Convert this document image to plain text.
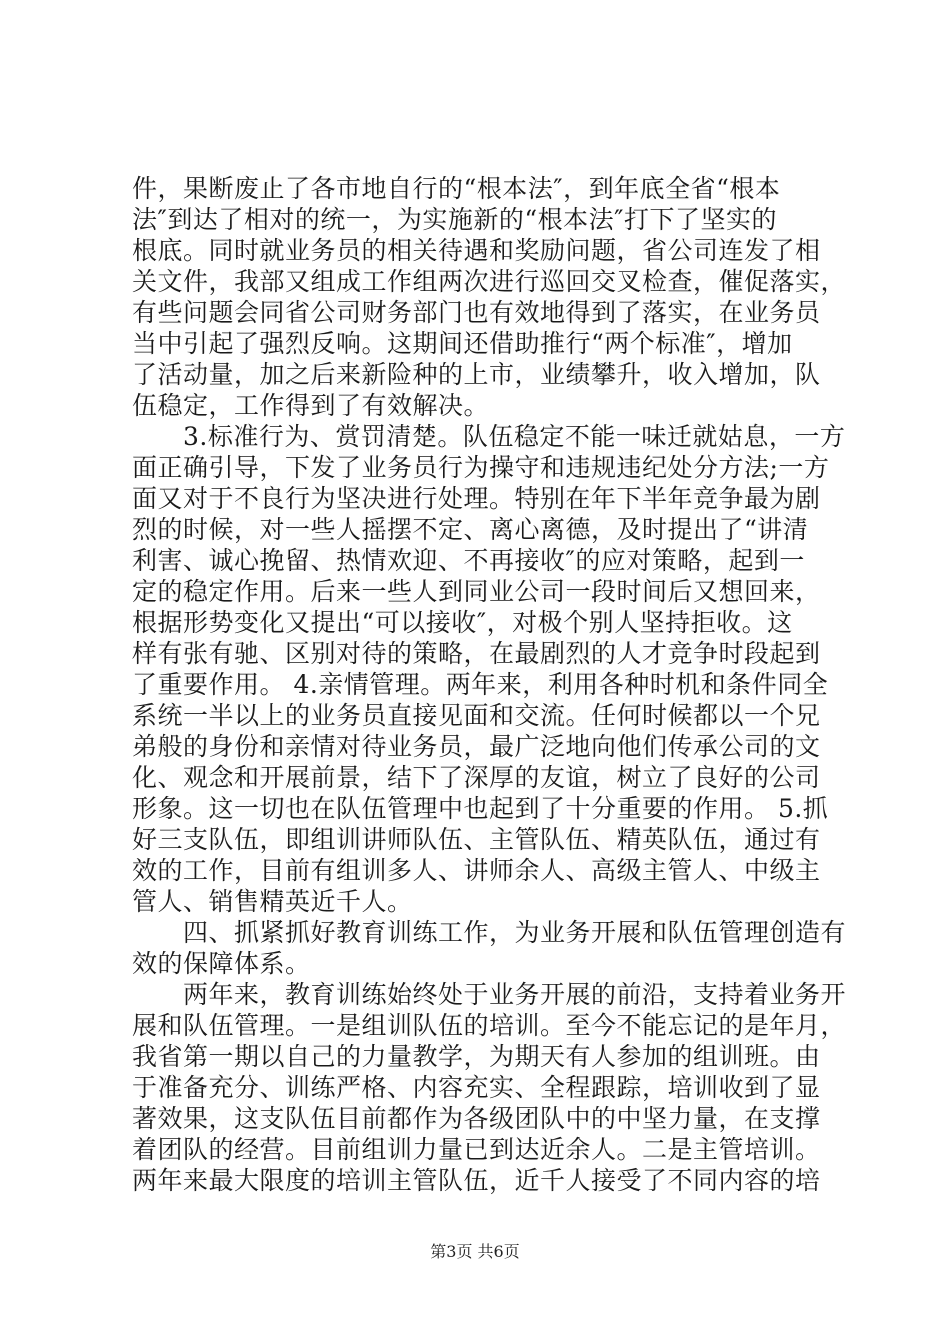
件，果断废止了各市地自行的“根本法″，到年底全省“根本
法″到达了相对的统一，为实施新的“根本法″打下了坚实的
根底。同时就业务员的相关待遇和奖励问题，省公司连发了相
关文件，我部又组成工作组两次进行巡回交叉检查，催促落实，
有些问题会同省公司财务部门也有效地得到了落实，在业务员
当中引起了强烈反响。这期间还借助推行“两个标准″，增加
了活动量，加之后来新险种的上市，业绩攀升，收入增加，队
伍稳定，工作得到了有效解决。
　　3.标准行为、赏罚清楚。队伍稳定不能一味迁就姑息，一方
面正确引导，下发了业务员行为操守和违规违纪处分方法;一方
面又对于不良行为坚决进行处理。特别在年下半年竞争最为剧
烈的时候，对一些人摇摆不定、离心离德，及时提出了“讲清
利害、诚心挽留、热情欢迎、不再接收″的应对策略，起到一
定的稳定作用。后来一些人到同业公司一段时间后又想回来，
根据形势变化又提出“可以接收″，对极个别人坚持拒收。这
样有张有驰、区别对待的策略，在最剧烈的人才竞争时段起到
了重要作用。 4.亲情管理。两年来，利用各种时机和条件同全
系统一半以上的业务员直接见面和交流。任何时候都以一个兄
弟般的身份和亲情对待业务员，最广泛地向他们传承公司的文
化、观念和开展前景，结下了深厚的友谊，树立了良好的公司
形象。这一切也在队伍管理中也起到了十分重要的作用。 5.抓
好三支队伍，即组训讲师队伍、主管队伍、精英队伍，通过有
效的工作，目前有组训多人、讲师余人、高级主管人、中级主
管人、销售精英近千人。
　　四、抓紧抓好教育训练工作，为业务开展和队伍管理创造有
效的保障体系。
　　两年来，教育训练始终处于业务开展的前沿，支持着业务开
展和队伍管理。一是组训队伍的培训。至今不能忘记的是年月，
我省第一期以自己的力量教学，为期天有人参加的组训班。由
于准备充分、训练严格、内容充实、全程跟踪，培训收到了显
著效果，这支队伍目前都作为各级团队中的中坚力量，在支撑
着团队的经营。目前组训力量已到达近余人。二是主管培训。
两年来最大限度的培训主管队伍，近千人接受了不同内容的培
第3页 共6页
